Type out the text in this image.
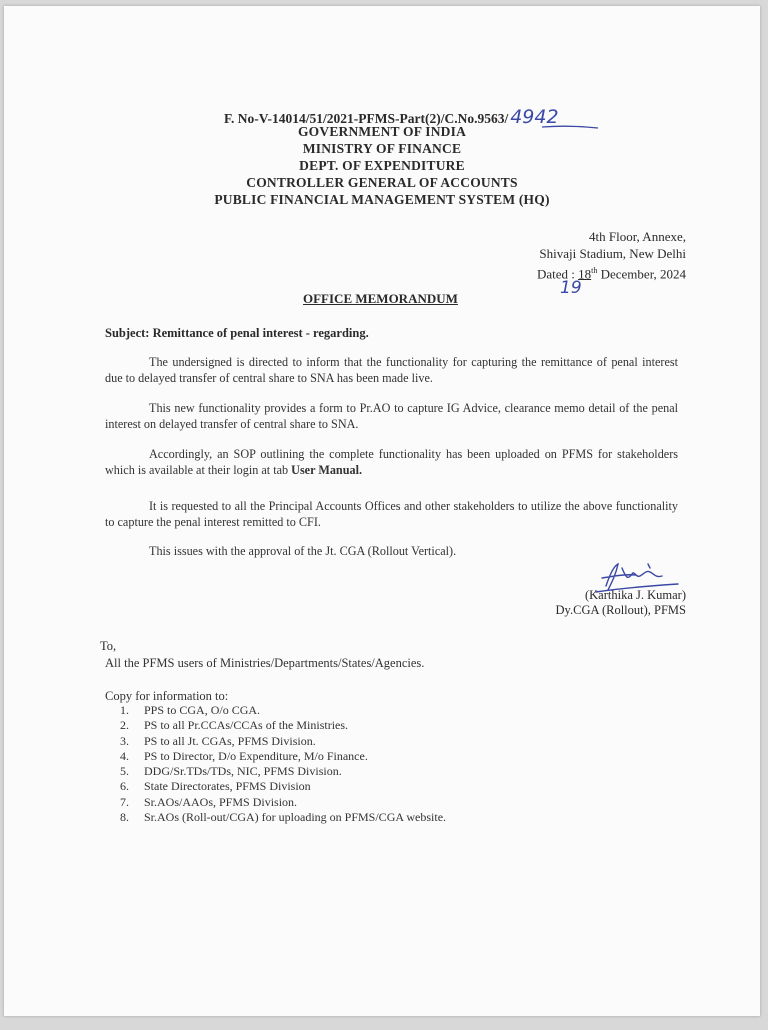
F. No-V-14014/51/2021-PFMS-Part(2)/C.No.9563/ 4942
GOVERNMENT OF INDIA
MINISTRY OF FINANCE
DEPT. OF EXPENDITURE
CONTROLLER GENERAL OF ACCOUNTS
PUBLIC FINANCIAL MANAGEMENT SYSTEM (HQ)
4th Floor, Annexe,
Shivaji Stadium, New Delhi
Dated : 18th December, 2024
19
OFFICE MEMORANDUM
Subject: Remittance of penal interest - regarding.
The undersigned is directed to inform that the functionality for capturing the remittance of penal interest due to delayed transfer of central share to SNA has been made live.
This new functionality provides a form to Pr.AO to capture IG Advice, clearance memo detail of the penal interest on delayed transfer of central share to SNA.
Accordingly, an SOP outlining the complete functionality has been uploaded on PFMS for stakeholders which is available at their login at tab User Manual.
It is requested to all the Principal Accounts Offices and other stakeholders to utilize the above functionality to capture the penal interest remitted to CFI.
This issues with the approval of the Jt. CGA (Rollout Vertical).
(Karthika J. Kumar)
Dy.CGA (Rollout), PFMS
To,
All the PFMS users of Ministries/Departments/States/Agencies.
Copy for information to:
1. PPS to CGA, O/o CGA.
2. PS to all Pr.CCAs/CCAs of the Ministries.
3. PS to all Jt. CGAs, PFMS Division.
4. PS to Director, D/o Expenditure, M/o Finance.
5. DDG/Sr.TDs/TDs, NIC, PFMS Division.
6. State Directorates, PFMS Division
7. Sr.AOs/AAOs, PFMS Division.
8. Sr.AOs (Roll-out/CGA) for uploading on PFMS/CGA website.
